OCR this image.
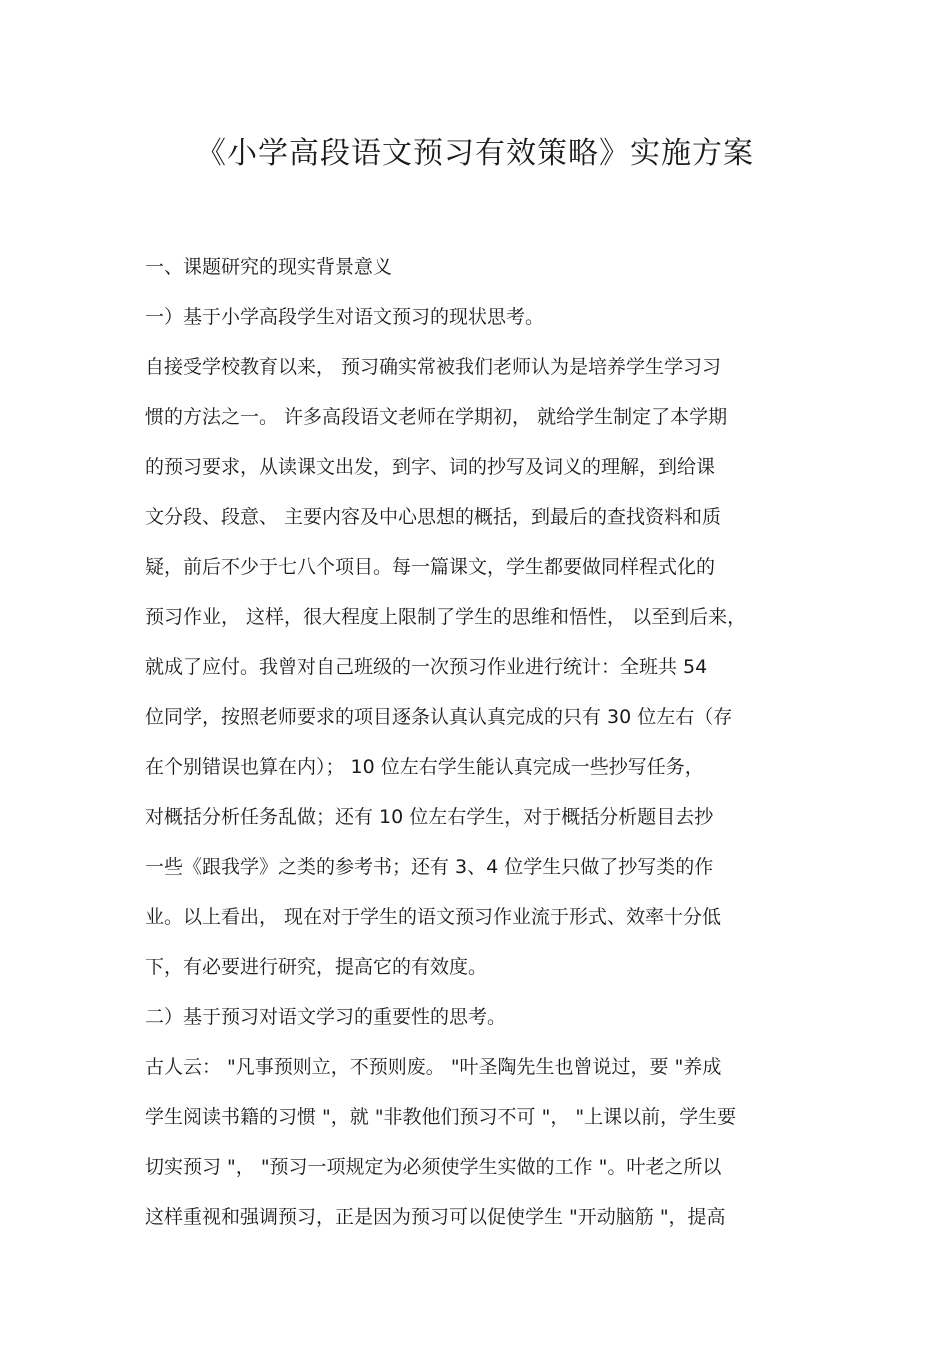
《小学高段语文预习有效策略》实施方案
一、课题研究的现实背景意义
一）基于小学高段学生对语文预习的现状思考。
自接受学校教育以来， 预习确实常被我们老师认为是培养学生学习习
惯的方法之一。 许多高段语文老师在学期初， 就给学生制定了本学期
的预习要求，从读课文出发，到字、词的抄写及词义的理解，到给课
文分段、段意、 主要内容及中心思想的概括，到最后的查找资料和质
疑，前后不少于七八个项目。每一篇课文，学生都要做同样程式化的
预习作业， 这样，很大程度上限制了学生的思维和悟性， 以至到后来，
就成了应付。我曾对自己班级的一次预习作业进行统计：全班共 54
位同学，按照老师要求的项目逐条认真认真完成的只有 30 位左右（存
在个别错误也算在内）； 10 位左右学生能认真完成一些抄写任务，
对概括分析任务乱做；还有 10 位左右学生，对于概括分析题目去抄
一些《跟我学》之类的参考书；还有 3、4 位学生只做了抄写类的作
业。以上看出， 现在对于学生的语文预习作业流于形式、效率十分低
下，有必要进行研究，提高它的有效度。
二）基于预习对语文学习的重要性的思考。
古人云： "凡事预则立，不预则废。 "叶圣陶先生也曾说过，要 "养成
学生阅读书籍的习惯 "，就 "非教他们预习不可 "， "上课以前，学生要
切实预习 "， "预习一项规定为必须使学生实做的工作 "。叶老之所以
这样重视和强调预习，正是因为预习可以促使学生 "开动脑筋 "，提高
